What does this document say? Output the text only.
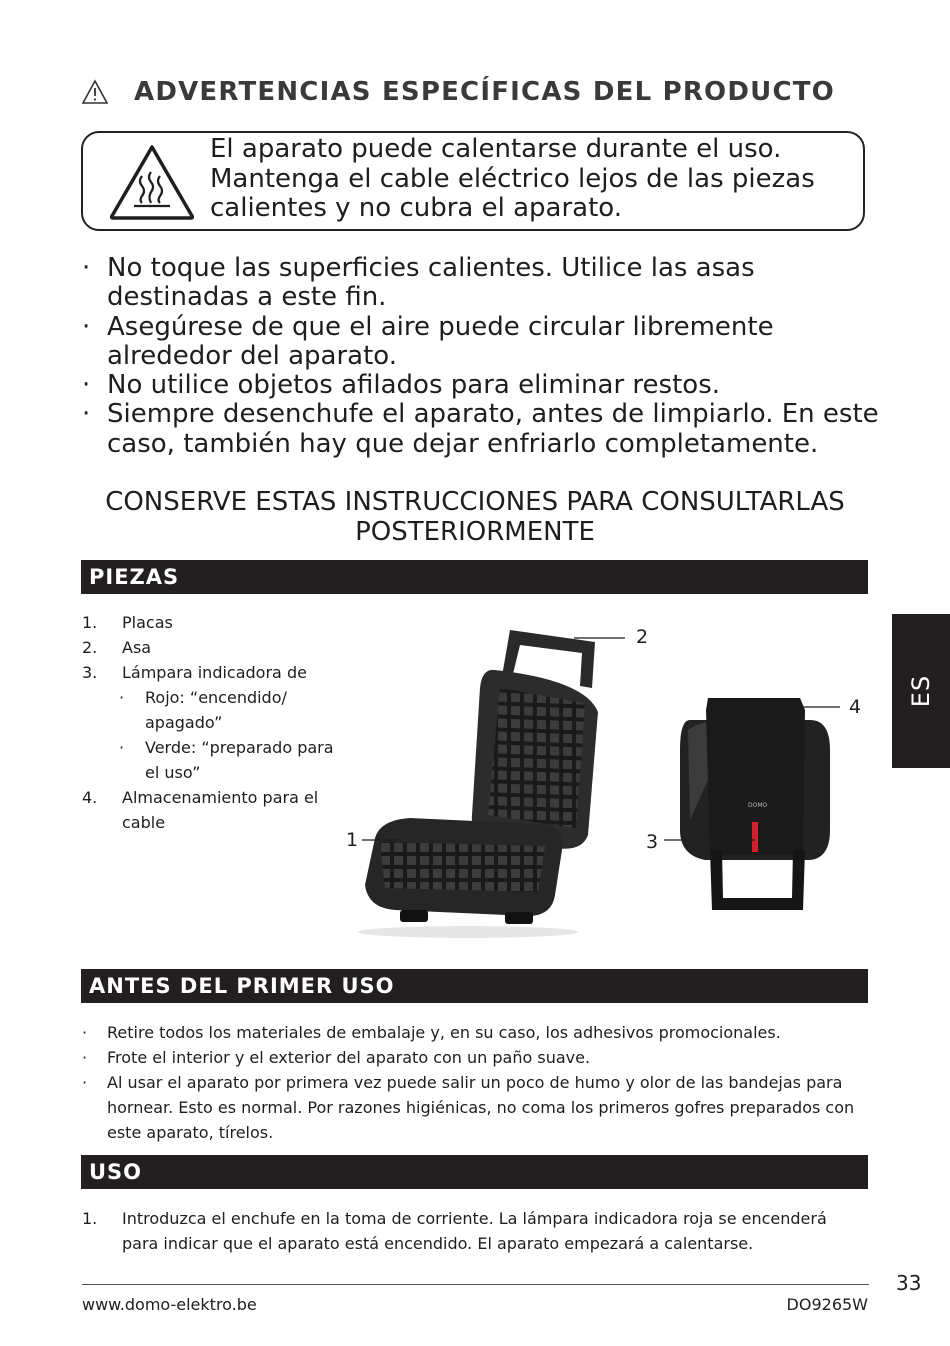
ADVERTENCIAS ESPECÍFICAS DEL PRODUCTO
El aparato puede calentarse durante el uso. Mantenga el cable eléctrico lejos de las piezas calientes y no cubra el aparato.
· No toque las superficies calientes. Utilice las asas destinadas a este fin.
· Asegúrese de que el aire puede circular libremente alrededor del aparato.
· No utilice objetos afilados para eliminar restos.
· Siempre desenchufe el aparato, antes de limpiarlo. En este caso, también hay que dejar enfriarlo completamente.
CONSERVE ESTAS INSTRUCCIONES PARA CONSULTARLAS
POSTERIORMENTE
PIEZAS
1. Placas
2. Asa
3. Lámpara indicadora de
· Rojo: “encendido/ apagado”
· Verde: “preparado para el uso”
4. Almacenamiento para el cable
2
1
DOMO
4
3
ES
ANTES DEL PRIMER USO
· Retire todos los materiales de embalaje y, en su caso, los adhesivos promocionales.
· Frote el interior y el exterior del aparato con un paño suave.
· Al usar el aparato por primera vez puede salir un poco de humo y olor de las bandejas para hornear. Esto es normal. Por razones higiénicas, no coma los primeros gofres preparados con este aparato, tírelos.
USO
1. Introduzca el enchufe en la toma de corriente. La lámpara indicadora roja se encenderá para indicar que el aparato está encendido. El aparato empezará a calentarse.
33
www.domo-elektro.be	DO9265W
